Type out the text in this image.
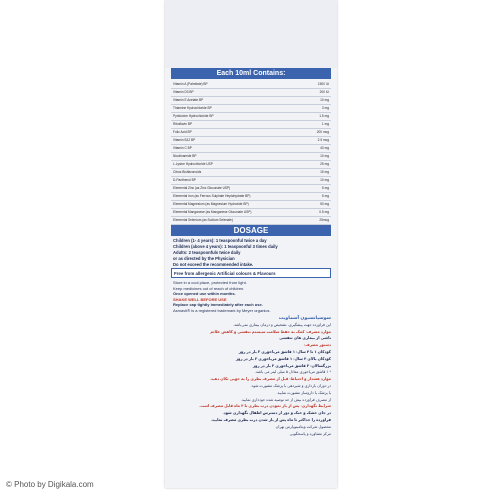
Each 10ml Contains:
Vitamin A (Palmitate) BP	1500 IU
Vitamin D3 BP	200 IU
Vitamin E Acetate BP	10 mg
Thiamine Hydrochloride BP	3 mg
Pyridoxine Hydrochloride BP	1.5 mg
Riboflavin BP	1 mg
Folic Acid BP	200 mcg
Vitamin B12 BP	2.5 mcg
Vitamin C BP	40 mg
Nicotinamide BP	10 mg
L-Lysine Hydrochloride USP	25 mg
Citrus Bioflavonoids	15 mg
D-Panthenol BP	10 mg
Elemental Zinc (as Zinc Gluconate USP)	5 mg
Elemental Iron (as Ferrous Sulphate Heptahydrate BP)	5 mg
Elemental Magnesium (as Magnesium Hydroxide BP)	50 mg
Elemental Manganese (as Manganese Gluconate USP)	0.5 mg
Elemental Selenium (as Sodium Selenate)	25mcg

DOSAGE
Children (1- 4 years): 1 teaspoonful twice a day
Children (above 4 years): 1 teaspoonful 3 times daily
Adults: 2 teaspoonfuls twice daily
or as directed by the Physician
Do not exceed the recommended intake.
Free from allergenic Artificial colours & Flavours
Store in a cool place, protected from light.
Keep medicines out of reach of children.
Once opened use within months.
SHAKE WELL BEFORE USE
Replace cap tightly immediately after each use.
Asmavit® is a registered trademark by Meyer organics.
سوسپانسیون آسماویت
این فراورده جهت پیشگیری، تشخیص و درمان بیماری نمی‌باشد.
موارد مصرف: کمک به حفظ سلامت سیستم تنفسی و کاهش علائم
ناشی از بیماری های تنفسی
دستور مصرف:
کودکان ۱ تا ۴ سال: ۱ قاشق مرباخوری ۲ بار در روز
کودکان بالای ۴ سال: ۱ قاشق مرباخوری ۳ بار در روز
بزرگسالان: ۲ قاشق مرباخوری ۲ بار در روز
* ۱ قاشق مرباخوری معادل ۵ میلی لیتر می باشد.
موارد هشدار و احتیاط: قبل از مصرف بطری را به خوبی تکان دهید.
در دوران بارداری و شیردهی با پزشک مشورت شود.
با پزشک یا داروساز مشورت نمایید.
از مصرف فراورده بیش از حد توصیه شده خودداری نمایید.
شرایط نگهداری: پس از باز نمودن درب بطری تا ۳ ماه قابل مصرف است.
در جای خشک و خنک و دور از دسترس اطفال نگهداری شود.
فراورده را حداکثر تا ماه پس از باز شدن درب بطری مصرف نمایید.
محصول شرکت ویتامینوپارس تهران
مرکز مشاوره و پاسخگویی
© Photo by Digikala.com
